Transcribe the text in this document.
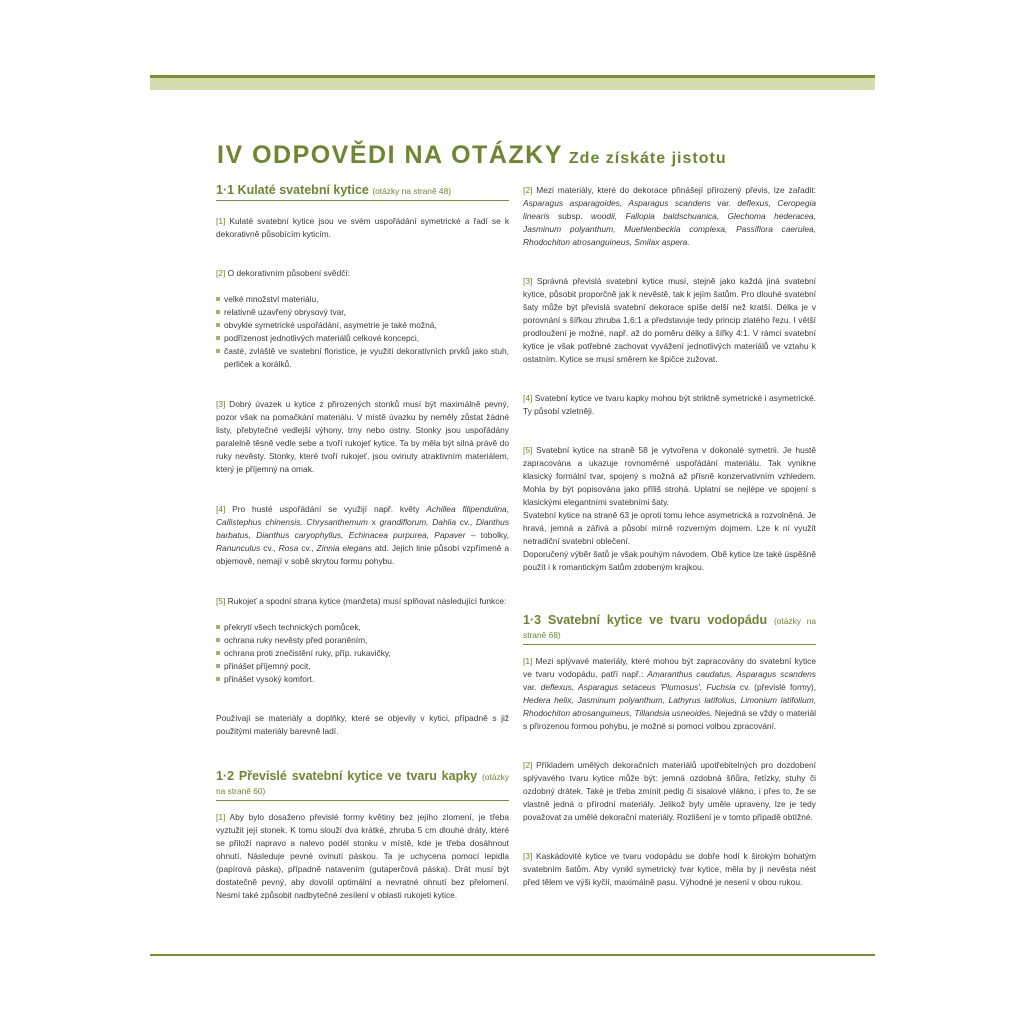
IV ODPOVĚDI NA OTÁZKY Zde získáte jistotu
1·1 Kulaté svatební kytice (otázky na straně 48)

[1] Kulaté svatební kytice jsou ve svém uspořádání symetrické a řadí se k dekorativně působícím kyticím.

[2] O dekorativním působení svědčí:

velké množství materiálu,
relativně uzavřený obrysový tvar,
obvykle symetrické uspořádání, asymetrie je také možná,
podřízenost jednotlivých materiálů celkové koncepci,
časté, zvláště ve svatební floristice, je využití dekorativních prvků jako stuh, perliček a korálků.

[3] Dobrý úvazek u kytice z přirozených stonků musí být maximálně pevný, pozor však na pomačkání materiálu. V místě úvazku by neměly zůstat žádné listy, přebytečné vedlejší výhony, trny nebo ostny. Stonky jsou uspořádány paralelně těsně vedle sebe a tvoří rukojeť kytice. Ta by měla být silná právě do ruky nevěsty. Stonky, které tvoří rukojeť, jsou ovinuty atraktivním materiálem, který je příjemný na omak.

[4] Pro husté uspořádání se využijí např. květy Achillea filipendulina, Callistephus chinensis, Chrysanthemum x grandiflorum, Dahlia cv., Dianthus barbatus, Dianthus caryophyllus, Echinacea purpurea, Papaver – tobolky, Ranunculus cv., Rosa cv., Zinnia elegans atd. Jejich linie působí vzpřímeně a objemově, nemají v sobě skrytou formu pohybu.

[5] Rukojeť a spodní strana kytice (manžeta) musí splňovat následující funkce:

překrytí všech technických pomůcek,
ochrana ruky nevěsty před poraněním,
ochrana proti znečistění ruky, příp. rukavičky,
přinášet příjemný pocit,
přinášet vysoký komfort.

Používají se materiály a doplňky, které se objevily v kytici, případně s již použitými materiály barevně ladí.

1·2 Převislé svatební kytice ve tvaru kapky (otázky na straně 60)

[1] Aby bylo dosaženo převislé formy květiny bez jejího zlomení, je třeba vyztužit její stonek. K tomu slouží dva krátké, zhruba 5 cm dlouhé dráty, které se přiloží napravo a nalevo podél stonku v místě, kde je třeba dosáhnout ohnutí. Následuje pevné ovinutí páskou. Ta je uchycena pomocí lepidla (papírová páska), případně natavením (gutaperčová páska). Drát musí být dostatečně pevný, aby dovolil optimální a nevratné ohnutí bez přelomení. Nesmí také způsobit nadbytečné zesílení v oblasti rukojeti kytice.

[2] Mezi materiály, které do dekorace přinášejí přirozený převis, lze zařadit: Asparagus asparagoides, Asparagus scandens var. deflexus, Ceropegia linearis subsp. woodii, Fallopia baldschuanica, Glechoma hederacea, Jasminum polyanthum, Muehlenbeckia complexa, Passiflora caerulea, Rhodochiton atrosanguineus, Smilax aspera.

[3] Správná převislá svatební kytice musí, stejně jako každá jiná svatební kytice, působit proporčně jak k nevěstě, tak k jejím šatům. Pro dlouhé svatební šaty může být převislá svatební dekorace spíše delší než kratší. Délka je v porovnání s šířkou zhruba 1,6:1 a představuje tedy princip zlatého řezu. I větší prodloužení je možné, např. až do poměru délky a šířky 4:1. V rámci svatební kytice je však potřebné zachovat vyvážení jednotlivých materiálů ve vztahu k ostatním. Kytice se musí směrem ke špičce zužovat.

[4] Svatební kytice ve tvaru kapky mohou být striktně symetrické i asymetrické. Ty působí vzletněji.

[5] Svatební kytice na straně 58 je vytvořena v dokonalé symetrii. Je hustě zapracována a ukazuje rovnoměrné uspořádání materiálu. Tak vynikne klasický formální tvar, spojený s možná až přísně konzervativním vzhledem. Mohla by být popisována jako příliš strohá. Uplatní se nejlépe ve spojení s klasickými elegantními svatebními šaty.
Svatební kytice na straně 63 je oproti tomu lehce asymetrická a rozvolněná. Je hravá, jemná a zářivá a působí mírně rozverným dojmem. Lze k ní využít netradiční svatební oblečení.
Doporučený výběr šatů je však pouhým návodem. Obě kytice lze také úspěšně použít i k romantickým šatům zdobeným krajkou.

1·3 Svatební kytice ve tvaru vodopádu (otázky na straně 68)

[1] Mezi splývavé materiály, které mohou být zapracovány do svatební kytice ve tvaru vodopádu, patří např.: Amaranthus caudatus, Asparagus scandens var. deflexus, Asparagus setaceus 'Plumosus', Fuchsia cv. (převislé formy), Hedera helix, Jasminum polyanthum, Lathyrus latifolius, Limonium latifolium, Rhodochiton atrosanguineus, Tillandsia usneoides. Nejedná se vždy o materiál s přirozenou formou pohybu, je možné si pomoci volbou zpracování.

[2] Příkladem umělých dekoračních materiálů upotřebitelných pro dozdobení splývavého tvaru kytice může být: jemná ozdobná šňůra, řetízky, stuhy či ozdobný drátek. Také je třeba zmínit pedig či sisalové vlákno, i přes to, že se vlastně jedná o přírodní materiály. Jelikož byly uměle upraveny, lze je tedy považovat za umělé dekorační materiály. Rozlišení je v tomto případě obtížné.

[3] Kaskádovité kytice ve tvaru vodopádu se dobře hodí k širokým bohatým svatebním šatům. Aby vynikl symetrický tvar kytice, měla by ji nevěsta nést před tělem ve výši kyčlí, maximálně pasu. Výhodné je nesení v obou rukou.
